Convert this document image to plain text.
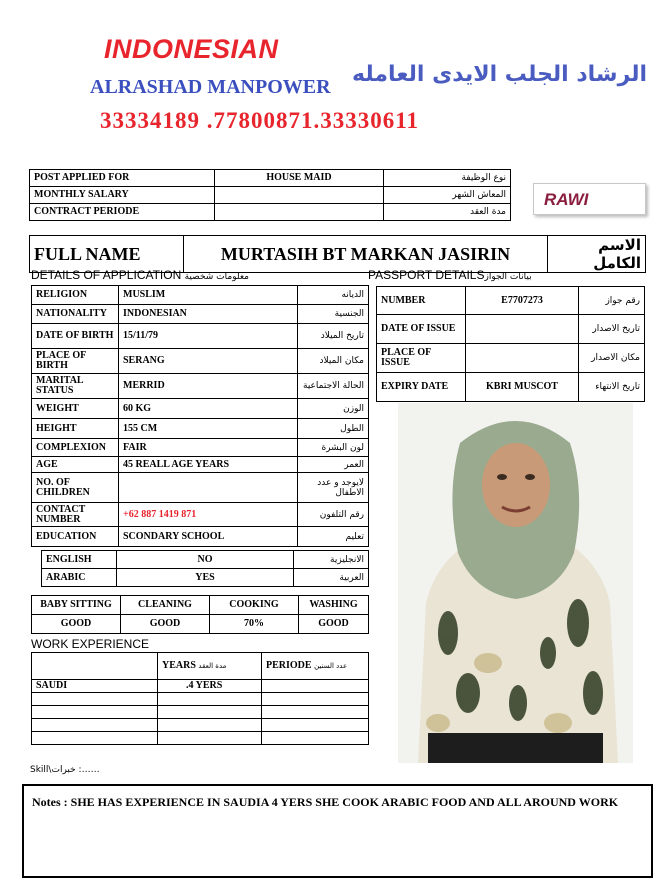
INDONESIAN
ALRASHAD MANPOWER الرشاد الجلب الايدى العامله
33334189 .77800871.33330611
POST APPLIED FOR	HOUSE MAID	نوع الوظيفة
MONTHLY SALARY		المعاش الشهر
CONTRACT PERIODE		مدة العقد
RAWI
FULL NAME	MURTASIH BT MARKAN JASIRIN	الاسم الكامل
DETAILS OF APPLICATION معلومات شخصية	PASSPORT DETAILSبيانات الجواز
RELIGION	MUSLIM	الديانه
NATIONALITY	INDONESIAN	الجنسية
DATE OF BIRTH	15/11/79	تاريخ الميلاد
PLACE OF BIRTH	SERANG	مكان الميلاد
MARITAL STATUS	MERRID	الحالة الاجتماعية
WEIGHT	60 KG	الوزن
HEIGHT	155 CM	الطول
COMPLEXION	FAIR	لون البشرة
AGE	45 REALL AGE YEARS	العمر
NO. OF CHILDREN		لايوجد و عدد الاطفال
CONTACT NUMBER	+62 887 1419 871	رقم التلفون
EDUCATION	SCONDARY SCHOOL	تعليم
ENGLISH	NO	الانجليزية
ARABIC	YES	العربية
NUMBER	E7707273	رقم جواز
DATE OF ISSUE		تاريخ الاصدار
PLACE OF ISSUE		مكان الاصدار
EXPIRY DATE	KBRI MUSCOT	تاريخ الانتهاء
BABY SITTING	CLEANING	COOKING	WASHING
GOOD	GOOD	70%	GOOD
WORK EXPERIENCE
	YEARS مدة العقد	PERIODE عدد السنين
SAUDI	.4 YERS	

Skill\خبرات :……
Notes : SHE HAS EXPERIENCE IN SAUDIA 4 YERS SHE COOK ARABIC FOOD AND ALL AROUND WORK
